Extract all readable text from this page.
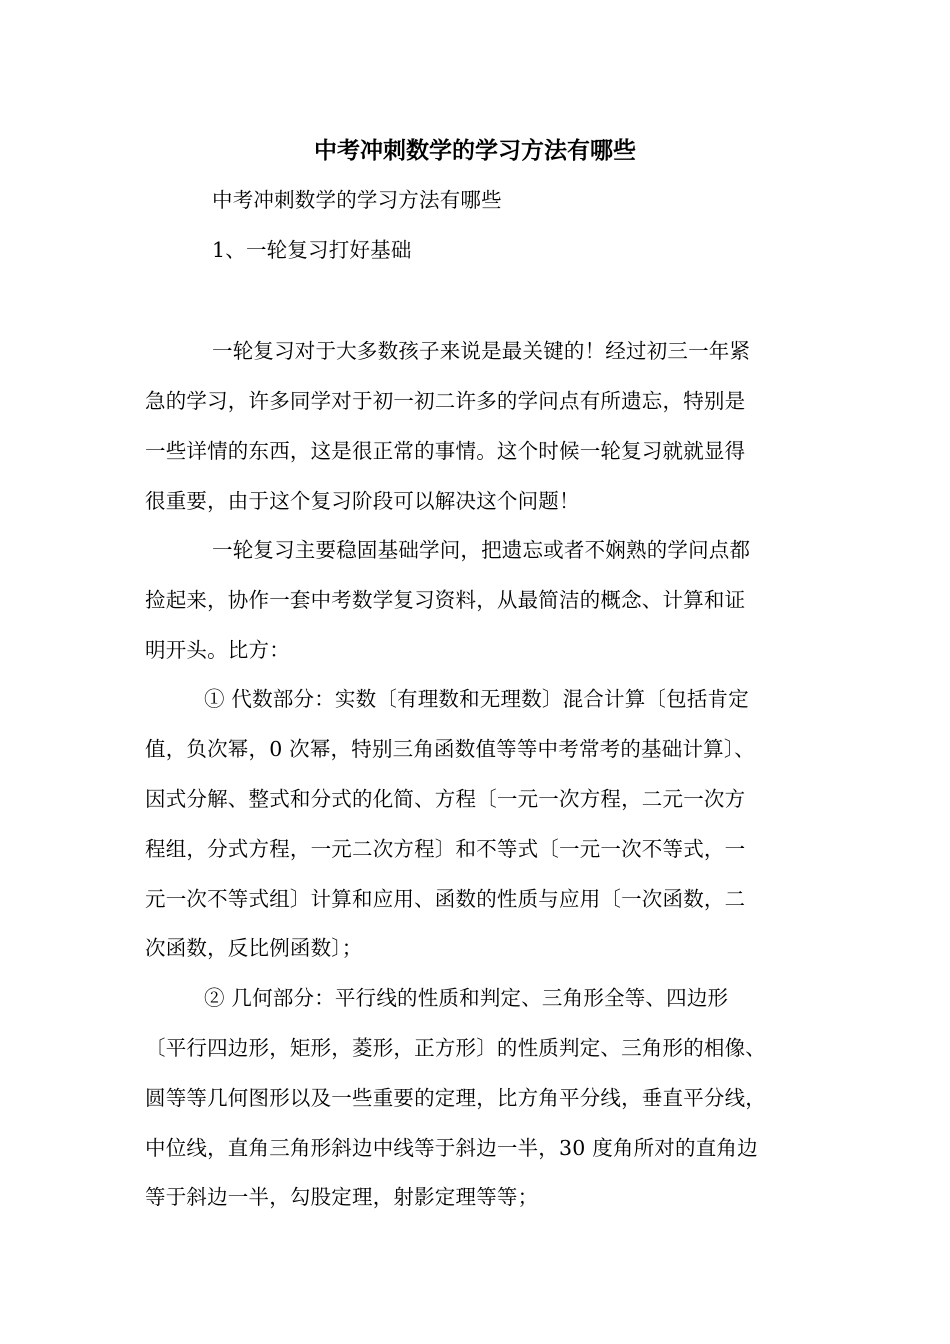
中考冲刺数学的学习方法有哪些
中考冲刺数学的学习方法有哪些
1、一轮复习打好基础
一轮复习对于大多数孩子来说是最关键的！经过初三一年紧
急的学习，许多同学对于初一初二许多的学问点有所遗忘，特别是
一些详情的东西，这是很正常的事情。这个时候一轮复习就就显得
很重要，由于这个复习阶段可以解决这个问题！
一轮复习主要稳固基础学问，把遗忘或者不娴熟的学问点都
捡起来，协作一套中考数学复习资料，从最简洁的概念、计算和证
明开头。比方：
① 代数部分：实数〔有理数和无理数〕混合计算〔包括肯定
值，负次幂，0 次幂，特别三角函数值等等中考常考的基础计算〕、
因式分解、整式和分式的化简、方程〔一元一次方程，二元一次方
程组，分式方程，一元二次方程〕和不等式〔一元一次不等式，一
元一次不等式组〕计算和应用、函数的性质与应用〔一次函数，二
次函数，反比例函数〕；
② 几何部分：平行线的性质和判定、三角形全等、四边形
〔平行四边形，矩形，菱形，正方形〕的性质判定、三角形的相像、
圆等等几何图形以及一些重要的定理，比方角平分线，垂直平分线，
中位线，直角三角形斜边中线等于斜边一半，30 度角所对的直角边
等于斜边一半，勾股定理，射影定理等等；
